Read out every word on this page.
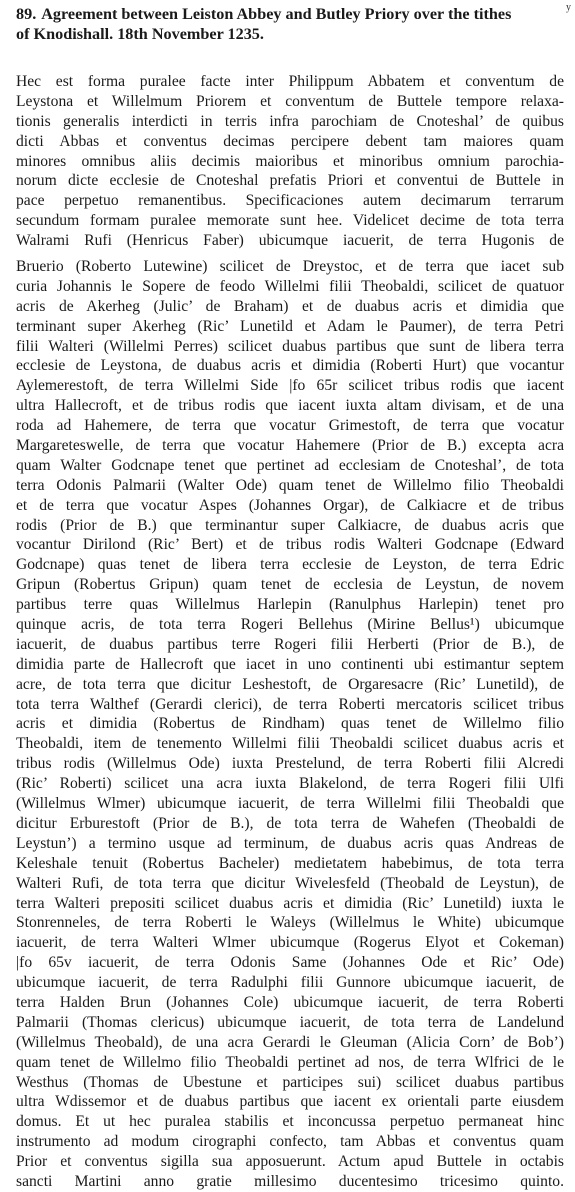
y
89. Agreement between Leiston Abbey and Butley Priory over the tithes
of Knodishall. 18th November 1235.
Hec est forma puralee facte inter Philippum Abbatem et conventum de
Leystona et Willelmum Priorem et conventum de Buttele tempore relaxa-
tionis generalis interdicti in terris infra parochiam de Cnoteshal’ de quibus
dicti Abbas et conventus decimas percipere debent tam maiores quam
minores omnibus aliis decimis maioribus et minoribus omnium parochia-
norum dicte ecclesie de Cnoteshal prefatis Priori et conventui de Buttele in
pace perpetuo remanentibus. Specificaciones autem decimarum terrarum
secundum formam puralee memorate sunt hee. Videlicet decime de tota terra
Walrami Rufi (Henricus Faber) ubicumque iacuerit, de terra Hugonis de
Bruerio (Roberto Lutewine) scilicet de Dreystoc, et de terra que iacet sub
curia Johannis le Sopere de feodo Willelmi filii Theobaldi, scilicet de quatuor
acris de Akerheg (Julic’ de Braham) et de duabus acris et dimidia que
terminant super Akerheg (Ric’ Lunetild et Adam le Paumer), de terra Petri
filii Walteri (Willelmi Perres) scilicet duabus partibus que sunt de libera terra
ecclesie de Leystona, de duabus acris et dimidia (Roberti Hurt) que vocantur
Aylemerestoft, de terra Willelmi Side |fo 65r scilicet tribus rodis que iacent
ultra Hallecroft, et de tribus rodis que iacent iuxta altam divisam, et de una
roda ad Hahemere, de terra que vocatur Grimestoft, de terra que vocatur
Margareteswelle, de terra que vocatur Hahemere (Prior de B.) excepta acra
quam Walter Godcnape tenet que pertinet ad ecclesiam de Cnoteshal’, de tota
terra Odonis Palmarii (Walter Ode) quam tenet de Willelmo filio Theobaldi
et de terra que vocatur Aspes (Johannes Orgar), de Calkiacre et de tribus
rodis (Prior de B.) que terminantur super Calkiacre, de duabus acris que
vocantur Dirilond (Ric’ Bert) et de tribus rodis Walteri Godcnape (Edward
Godcnape) quas tenet de libera terra ecclesie de Leyston, de terra Edric
Gripun (Robertus Gripun) quam tenet de ecclesia de Leystun, de novem
partibus terre quas Willelmus Harlepin (Ranulphus Harlepin) tenet pro
quinque acris, de tota terra Rogeri Bellehus (Mirine Bellus¹) ubicumque
iacuerit, de duabus partibus terre Rogeri filii Herberti (Prior de B.), de
dimidia parte de Hallecroft que iacet in uno continenti ubi estimantur septem
acre, de tota terra que dicitur Leshestoft, de Orgaresacre (Ric’ Lunetild), de
tota terra Walthef (Gerardi clerici), de terra Roberti mercatoris scilicet tribus
acris et dimidia (Robertus de Rindham) quas tenet de Willelmo filio
Theobaldi, item de tenemento Willelmi filii Theobaldi scilicet duabus acris et
tribus rodis (Willelmus Ode) iuxta Prestelund, de terra Roberti filii Alcredi
(Ric’ Roberti) scilicet una acra iuxta Blakelond, de terra Rogeri filii Ulfi
(Willelmus Wlmer) ubicumque iacuerit, de terra Willelmi filii Theobaldi que
dicitur Erburestoft (Prior de B.), de tota terra de Wahefen (Theobaldi de
Leystun’) a termino usque ad terminum, de duabus acris quas Andreas de
Keleshale tenuit (Robertus Bacheler) medietatem habebimus, de tota terra
Walteri Rufi, de tota terra que dicitur Wivelesfeld (Theobald de Leystun), de
terra Walteri prepositi scilicet duabus acris et dimidia (Ric’ Lunetild) iuxta le
Stonrenneles, de terra Roberti le Waleys (Willelmus le White) ubicumque
iacuerit, de terra Walteri Wlmer ubicumque (Rogerus Elyot et Cokeman)
|fo 65v iacuerit, de terra Odonis Same (Johannes Ode et Ric’ Ode)
ubicumque iacuerit, de terra Radulphi filii Gunnore ubicumque iacuerit, de
terra Halden Brun (Johannes Cole) ubicumque iacuerit, de terra Roberti
Palmarii (Thomas clericus) ubicumque iacuerit, de tota terra de Landelund
(Willelmus Theobald), de una acra Gerardi le Gleuman (Alicia Corn’ de Bob’)
quam tenet de Willelmo filio Theobaldi pertinet ad nos, de terra Wlfrici de le
Westhus (Thomas de Ubestune et participes sui) scilicet duabus partibus
ultra Wdissemor et de duabus partibus que iacent ex orientali parte eiusdem
domus. Et ut hec puralea stabilis et inconcussa perpetuo permaneat hinc
instrumento ad modum cirographi confecto, tam Abbas et conventus quam
Prior et conventus sigilla sua apposuerunt. Actum apud Buttele in octabis
sancti Martini anno gratie millesimo ducentesimo tricesimo quinto.
